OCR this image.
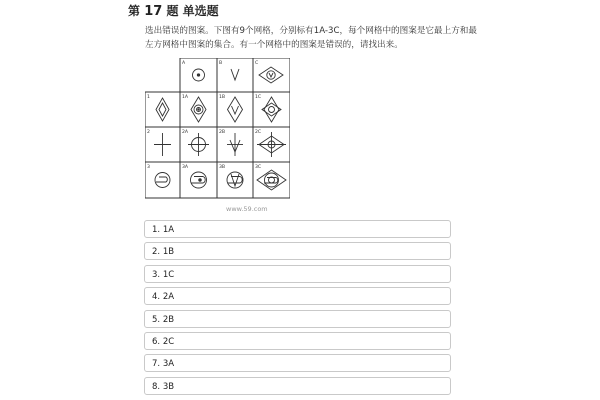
第 17 题 单选题
选出错误的图案。下图有9个网格，分别标有1A-3C，每个网格中的图案是它最上方和最左方网格中图案的集合。有一个网格中的图案是错误的，请找出来。
A	B	C
1
2
3
1A	1B	1C
2A	2B	2C
3A	3B	3C
www.59.com
1. 1A
2. 1B
3. 1C
4. 2A
5. 2B
6. 2C
7. 3A
8. 3B
